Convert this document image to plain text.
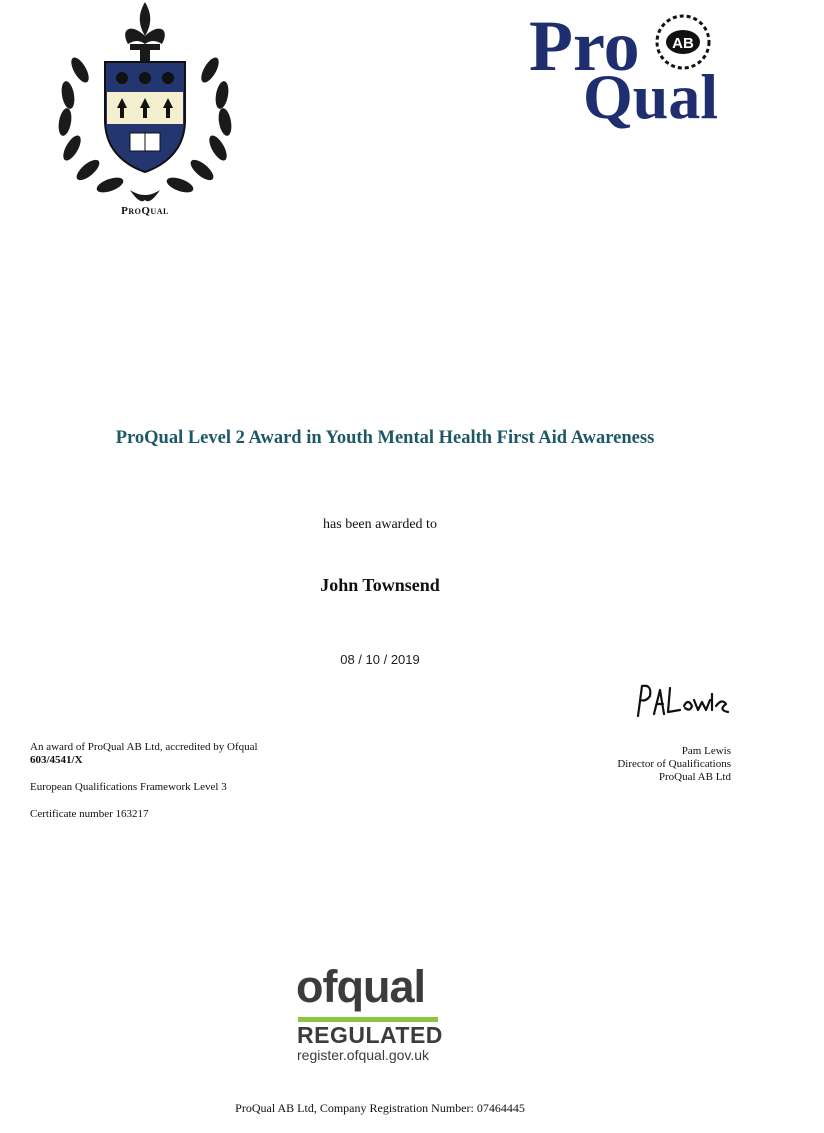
ProQual
Pro
Qual
AB
ProQual Level 2 Award in Youth Mental Health First Aid Awareness
has been awarded to
John Townsend
08 / 10 / 2019
An award of ProQual AB Ltd, accredited by Ofqual
603/4541/X
European Qualifications Framework Level 3
Certificate number 163217
Pam Lewis
Director of Qualifications
ProQual AB Ltd
ofqual
REGULATED
register.ofqual.gov.uk
ProQual AB Ltd, Company Registration Number: 07464445
